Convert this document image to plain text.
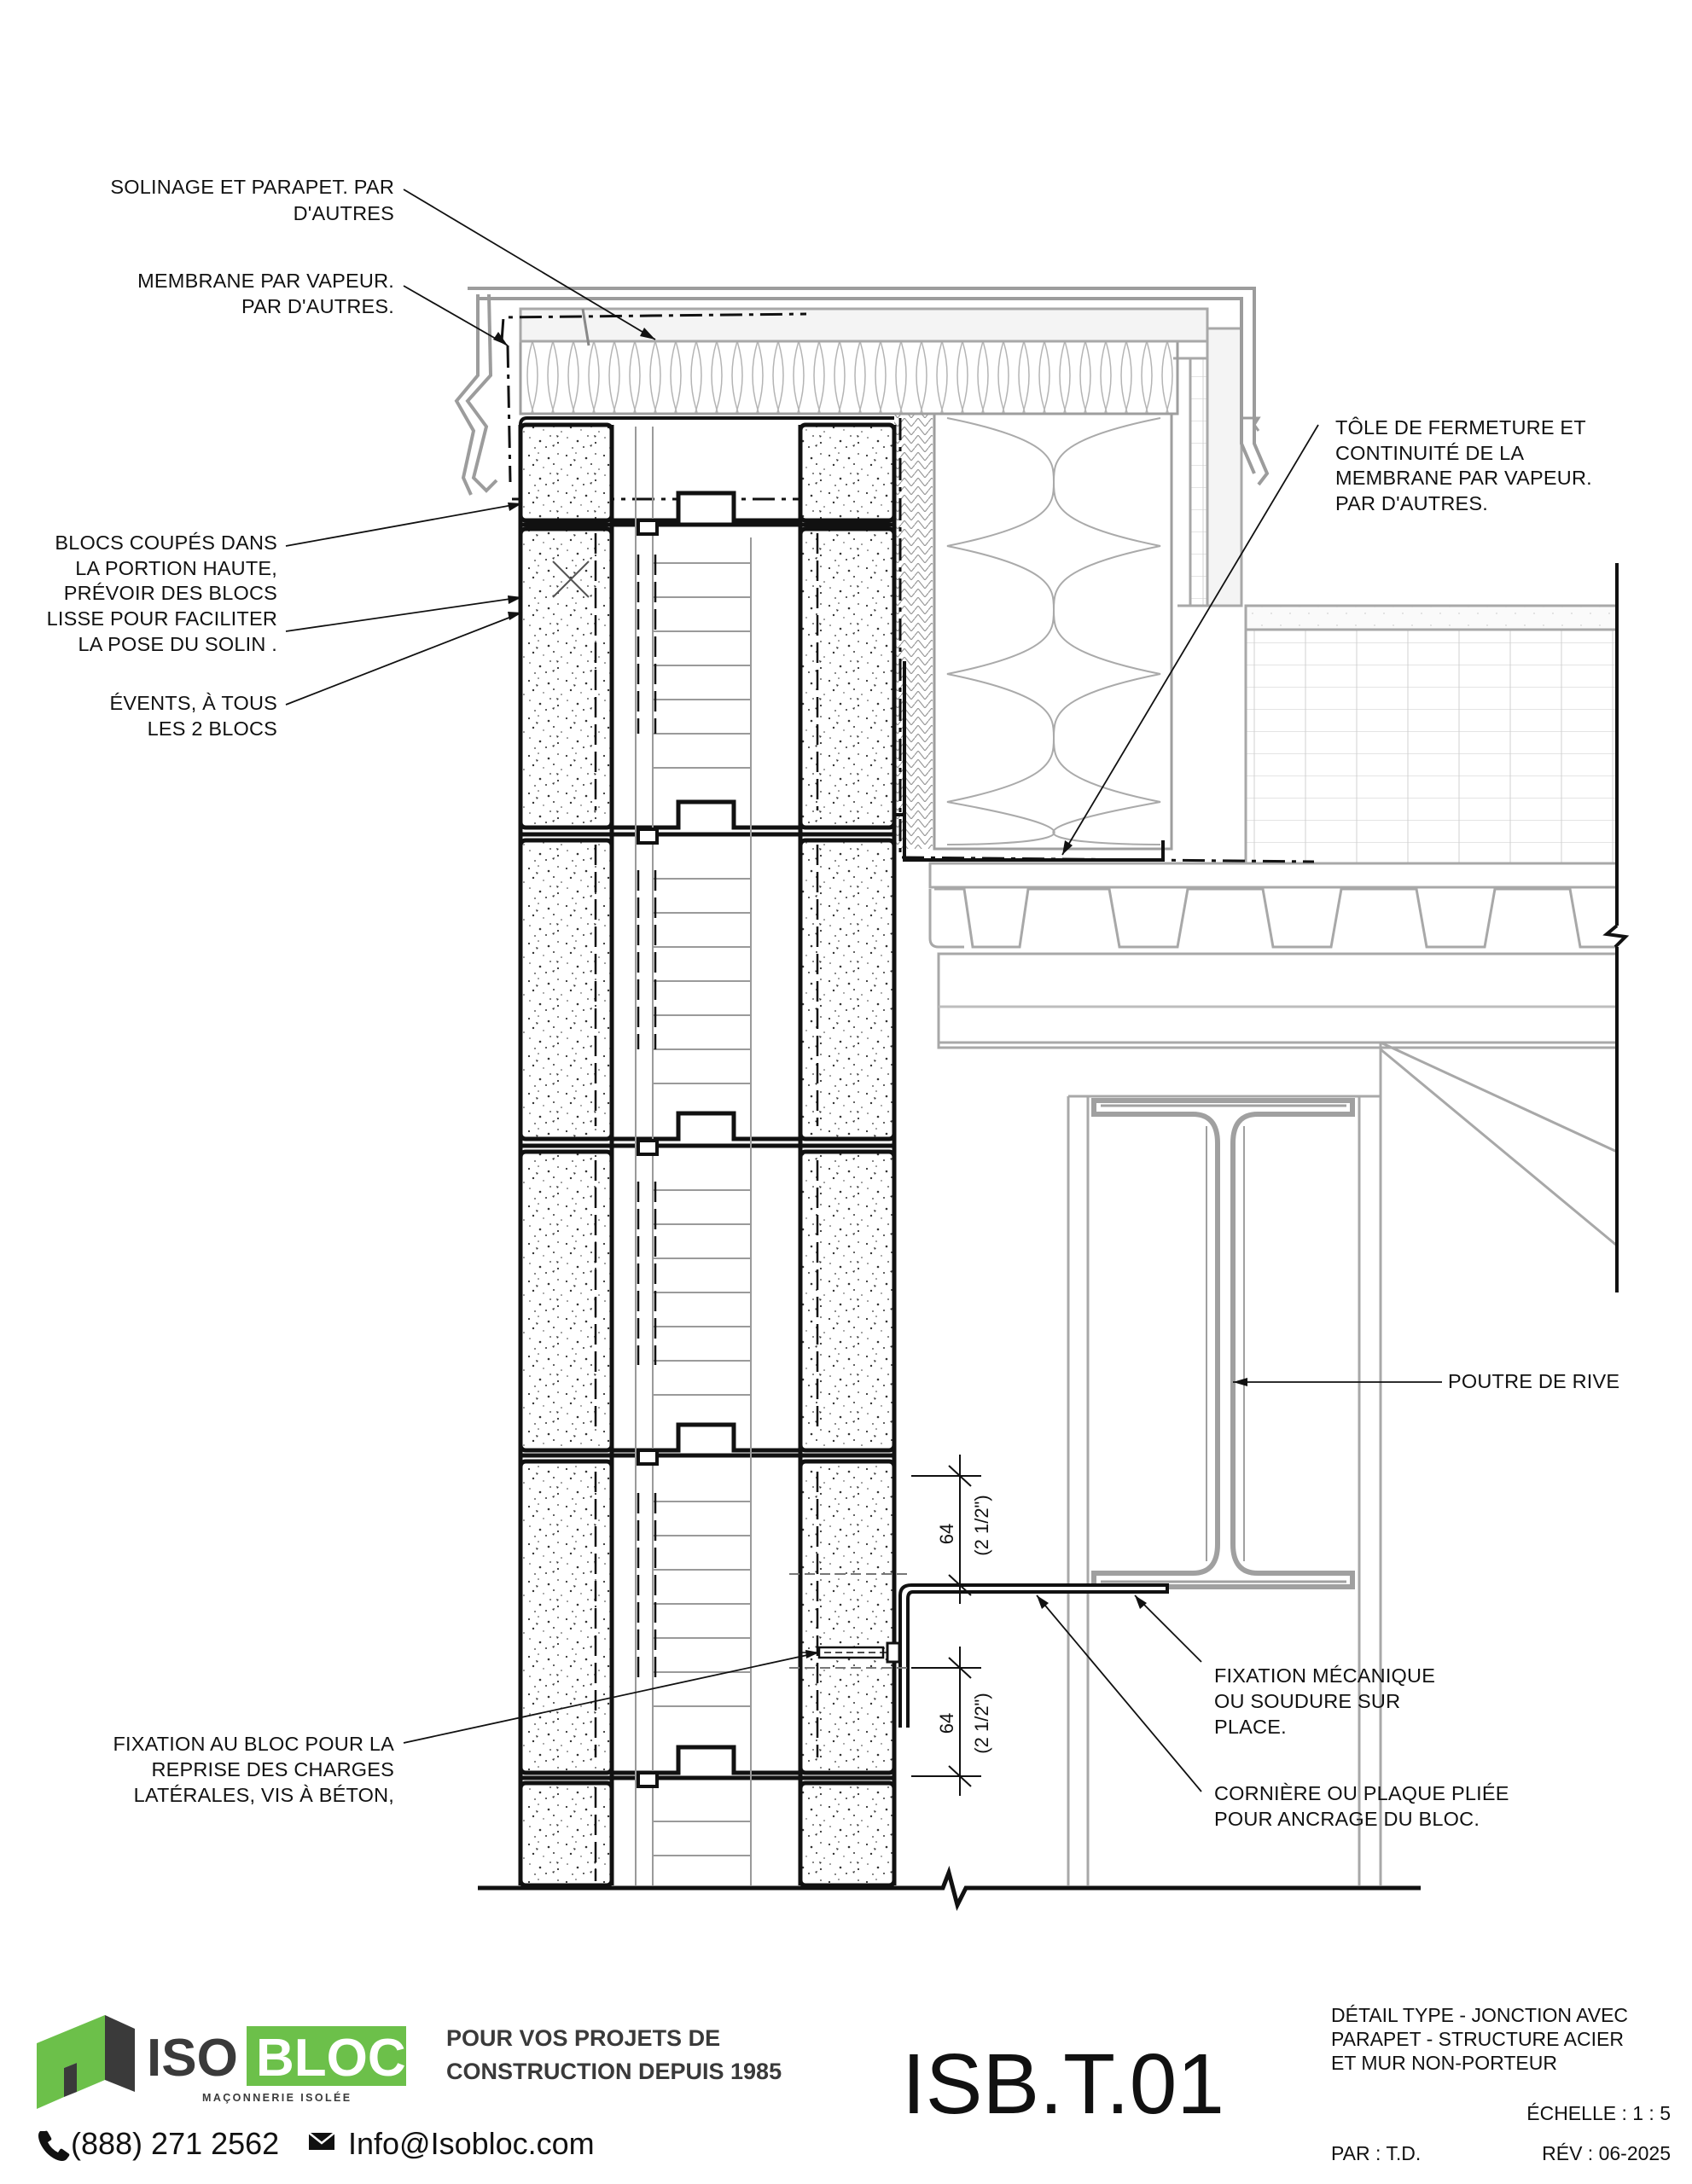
64 (2 1/2")
64 (2 1/2")
SOLINAGE ET PARAPET. PAR
D'AUTRES
MEMBRANE PAR VAPEUR.
PAR D'AUTRES.
TÔLE DE FERMETURE ET
CONTINUITÉ DE LA
MEMBRANE PAR VAPEUR.
PAR D'AUTRES.
BLOCS COUPÉS DANS
LA PORTION HAUTE,
PRÉVOIR DES BLOCS
LISSE POUR FACILITER
LA POSE DU SOLIN .
ÉVENTS, À TOUS
LES 2 BLOCS
POUTRE DE RIVE
FIXATION MÉCANIQUE
OU SOUDURE SUR
PLACE.
CORNIÈRE OU PLAQUE PLIÉE
POUR ANCRAGE DU BLOC.
FIXATION AU BLOC POUR LA
REPRISE DES CHARGES
LATÉRALES, VIS À BÉTON,
ISO BLOC
MAÇONNERIE ISOLÉE
POUR VOS PROJETS DE
CONSTRUCTION DEPUIS 1985
(888) 271 2562 Info@Isobloc.com
ISB.T.01
DÉTAIL TYPE - JONCTION AVEC
PARAPET - STRUCTURE ACIER
ET MUR NON-PORTEUR
ÉCHELLE : 1 : 5
PAR : T.D.	RÉV : 06-2025
